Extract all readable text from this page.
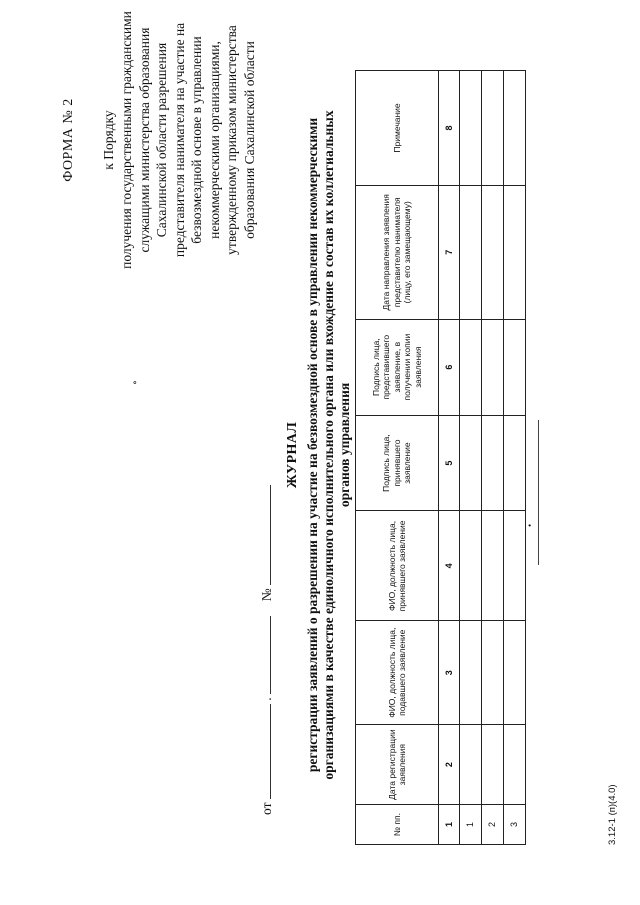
ФОРМА № 2 к Порядку получения государственными гражданскими служащими министерства образования Сахалинской области разрешения представителя нанимателя на участие на безвозмездной основе в управлении некоммерческими организациями, утвержденному приказом министерства образования Сахалинской области
∘
от  .   №
ЖУРНАЛ регистрации заявлений о разрешении на участие на безвозмездной основе в управлении некоммерческими организациями в качестве единоличного исполнительного органа или вхождение в состав их коллегиальных органов управления
•
№ пп.	Дата регистрации заявления	ФИО, должность лица, подавшего заявление	ФИО, должность лица, принявшего заявление	Подпись лица, принявшего заявление	Подпись лица, представившего заявление, в получении копии заявления	Дата направления заявления представителю нанимателя (лицу, его замещающему)	Примечание
1	2	3	4	5	6	7	8
1							
2							
3								3.12-1 (п)(4.0)
